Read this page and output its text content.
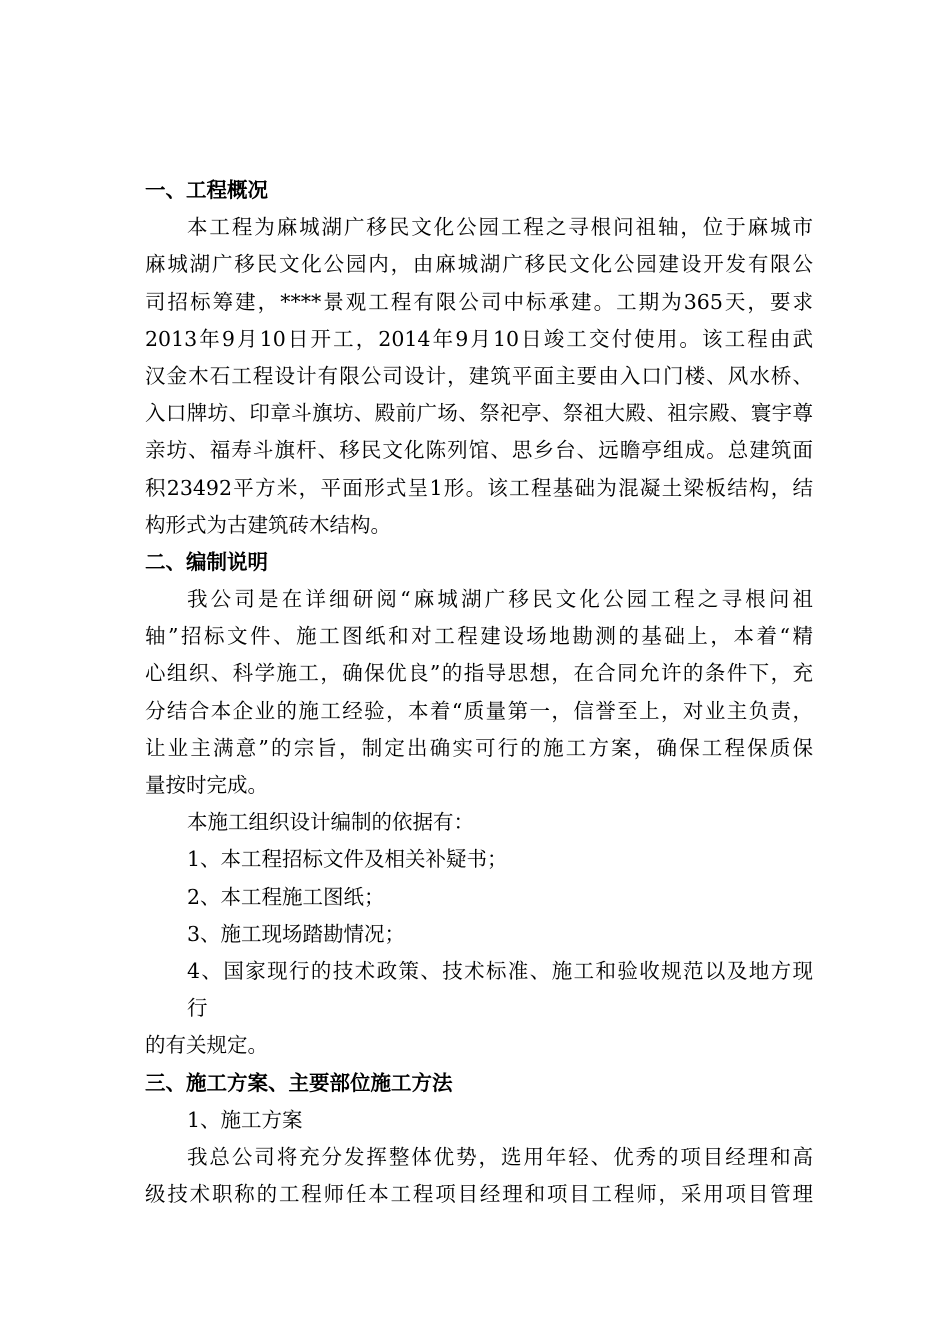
一、工程概况
本工程为麻城湖广移民文化公园工程之寻根问祖轴，位于麻城市
麻城湖广移民文化公园内，由麻城湖广移民文化公园建设开发有限公
司招标筹建，****景观工程有限公司中标承建。工期为365天，要求
2013年9月10日开工，2014年9月10日竣工交付使用。该工程由武
汉金木石工程设计有限公司设计，建筑平面主要由入口门楼、风水桥、
入口牌坊、印章斗旗坊、殿前广场、祭祀亭、祭祖大殿、祖宗殿、寰宇尊
亲坊、福寿斗旗杆、移民文化陈列馆、思乡台、远瞻亭组成。总建筑面
积23492平方米，平面形式呈1形。该工程基础为混凝土梁板结构，结
构形式为古建筑砖木结构。
二、编制说明
我公司是在详细研阅“麻城湖广移民文化公园工程之寻根问祖
轴”招标文件、施工图纸和对工程建设场地勘测的基础上，本着“精
心组织、科学施工，确保优良”的指导思想，在合同允许的条件下，充
分结合本企业的施工经验，本着“质量第一，信誉至上，对业主负责，
让业主满意”的宗旨，制定出确实可行的施工方案，确保工程保质保
量按时完成。
本施工组织设计编制的依据有：
1、本工程招标文件及相关补疑书；
2、本工程施工图纸；
3、施工现场踏勘情况；
4、国家现行的技术政策、技术标准、施工和验收规范以及地方现
行
的有关规定。
三、施工方案、主要部位施工方法
1、施工方案
我总公司将充分发挥整体优势，选用年轻、优秀的项目经理和高
级技术职称的工程师任本工程项目经理和项目工程师，采用项目管理
